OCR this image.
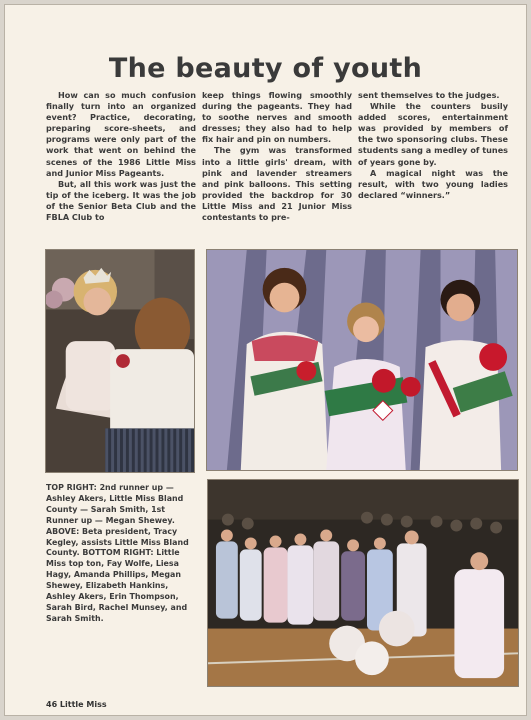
The beauty of youth

How can so much confusion finally turn into an organized event? Practice, decorating, preparing score-sheets, and programs were only part of the work that went on behind the scenes of the 1986 Little Miss and Junior Miss Pageants.

But, all this work was just the tip of the iceberg. It was the job of the Senior Beta Club and the FBLA Club to

keep things flowing smoothly during the pageants. They had to soothe nerves and smooth dresses; they also had to help fix hair and pin on numbers.

The gym was transformed into a little girls' dream, with pink and lavender streamers and pink balloons. This setting provided the backdrop for 30 Little Miss and 21 Junior Miss contestants to pre-

sent themselves to the judges.

While the counters busily added scores, entertainment was provided by members of the two sponsoring clubs. These students sang a medley of tunes of years gone by.

A magical night was the result, with two young ladies declared “winners.”

TOP RIGHT: 2nd runner up — Ashley Akers, Little Miss Bland County — Sarah Smith, 1st Runner up — Megan Shewey. ABOVE: Beta president, Tracy Kegley, assists Little Miss Bland County. BOTTOM RIGHT: Little Miss top ton, Fay Wolfe, Liesa Hagy, Amanda Phillips, Megan Shewey, Elizabeth Hankins, Ashley Akers, Erin Thompson, Sarah Bird, Rachel Munsey, and Sarah Smith.
46 Little Miss
